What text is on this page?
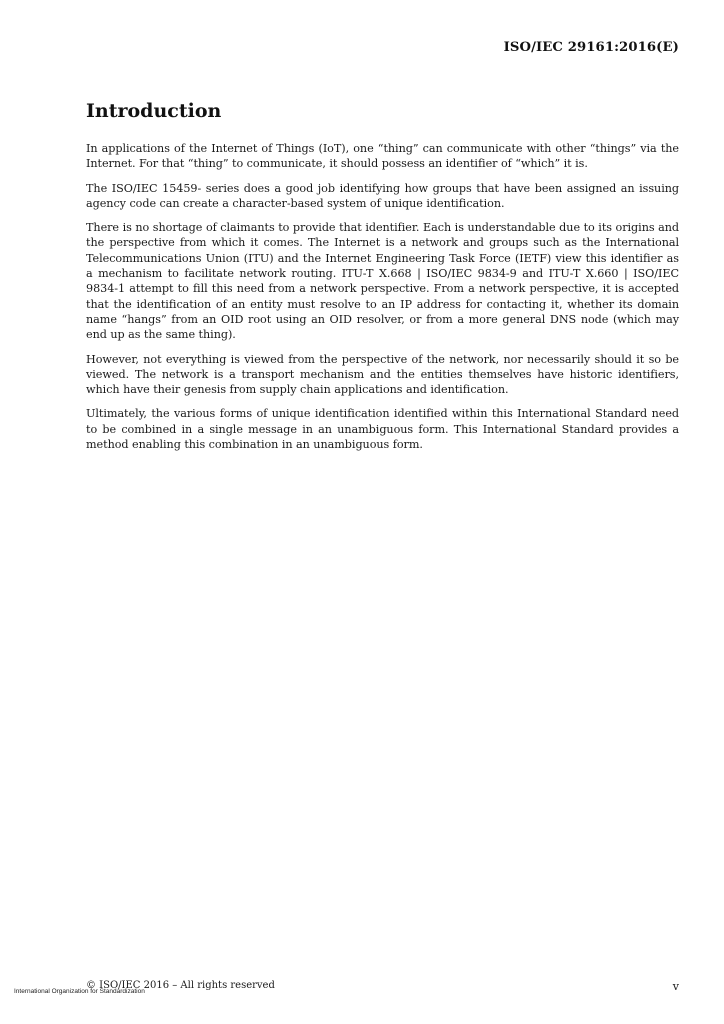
ISO/IEC 29161:2016(E)
Introduction

In applications of the Internet of Things (IoT), one “thing” can communicate with other “things” via the Internet. For that “thing” to communicate, it should possess an identifier of “which” it is.

The ISO/IEC 15459- series does a good job identifying how groups that have been assigned an issuing agency code can create a character-based system of unique identification.

There is no shortage of claimants to provide that identifier. Each is understandable due to its origins and the perspective from which it comes. The Internet is a network and groups such as the International Telecommunications Union (ITU) and the Internet Engineering Task Force (IETF) view this identifier as a mechanism to facilitate network routing. ITU-T X.668 | ISO/IEC 9834-9 and ITU-T X.660 | ISO/IEC 9834-1 attempt to fill this need from a network perspective. From a network perspective, it is accepted that the identification of an entity must resolve to an IP address for contacting it, whether its domain name “hangs” from an OID root using an OID resolver, or from a more general DNS node (which may end up as the same thing).

However, not everything is viewed from the perspective of the network, nor necessarily should it so be viewed. The network is a transport mechanism and the entities themselves have historic identifiers, which have their genesis from supply chain applications and identification.

Ultimately, the various forms of unique identification identified within this International Standard need to be combined in a single message in an unambiguous form. This International Standard provides a method enabling this combination in an unambiguous form.

International Organization for Standardization
© ISO/IEC 2016 – All rights reserved	v
